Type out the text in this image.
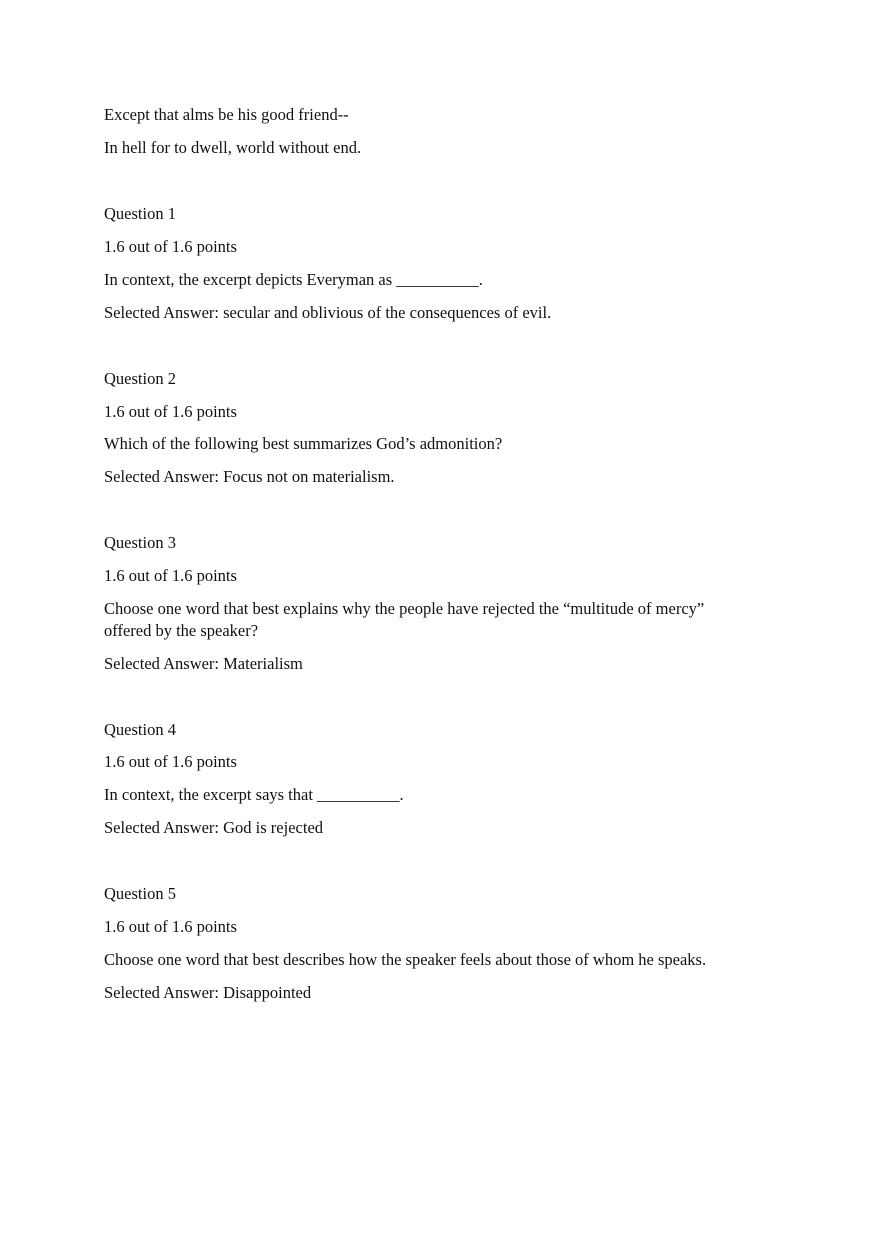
Except that alms be his good friend--
In hell for to dwell, world without end.
Question 1
1.6 out of 1.6 points
In context, the excerpt depicts Everyman as __________.
Selected Answer: secular and oblivious of the consequences of evil.
Question 2
1.6 out of 1.6 points
Which of the following best summarizes God’s admonition?
Selected Answer: Focus not on materialism.
Question 3
1.6 out of 1.6 points
Choose one word that best explains why the people have rejected the “multitude of mercy” offered by the speaker?
Selected Answer: Materialism
Question 4
1.6 out of 1.6 points
In context, the excerpt says that __________.
Selected Answer: God is rejected
Question 5
1.6 out of 1.6 points
Choose one word that best describes how the speaker feels about those of whom he speaks.
Selected Answer: Disappointed
